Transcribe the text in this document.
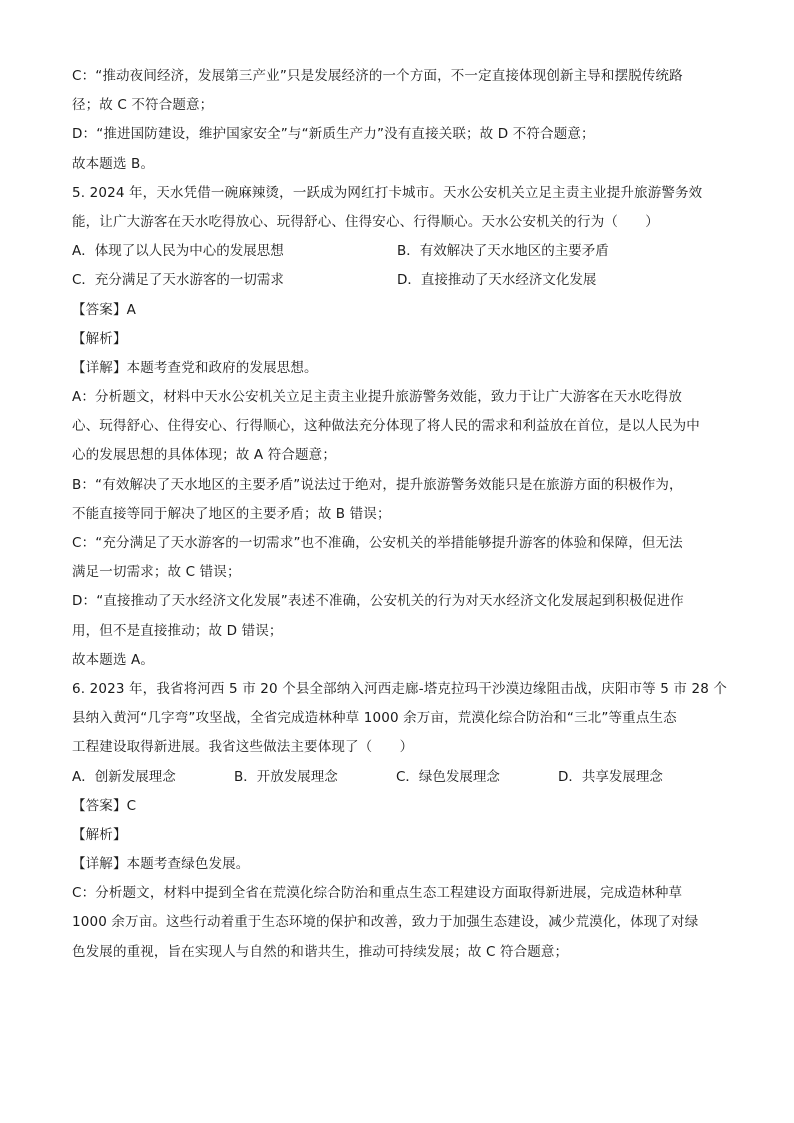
C：“推动夜间经济，发展第三产业”只是发展经济的一个方面，不一定直接体现创新主导和摆脱传统路
径；故 C 不符合题意；
D：“推进国防建设，维护国家安全”与“新质生产力”没有直接关联；故 D 不符合题意；
故本题选 B。
5. 2024 年，天水凭借一碗麻辣烫，一跃成为网红打卡城市。天水公安机关立足主责主业提升旅游警务效
能，让广大游客在天水吃得放心、玩得舒心、住得安心、行得顺心。天水公安机关的行为（　　）
A．体现了以人民为中心的发展思想	B．有效解决了天水地区的主要矛盾
C．充分满足了天水游客的一切需求	D．直接推动了天水经济文化发展
【答案】A
【解析】
【详解】本题考查党和政府的发展思想。
A：分析题文，材料中天水公安机关立足主责主业提升旅游警务效能，致力于让广大游客在天水吃得放
心、玩得舒心、住得安心、行得顺心，这种做法充分体现了将人民的需求和利益放在首位，是以人民为中
心的发展思想的具体体现；故 A 符合题意；
B：“有效解决了天水地区的主要矛盾”说法过于绝对，提升旅游警务效能只是在旅游方面的积极作为，
不能直接等同于解决了地区的主要矛盾；故 B 错误；
C：“充分满足了天水游客的一切需求”也不准确，公安机关的举措能够提升游客的体验和保障，但无法
满足一切需求；故 C 错误；
D：“直接推动了天水经济文化发展”表述不准确，公安机关的行为对天水经济文化发展起到积极促进作
用，但不是直接推动；故 D 错误；
故本题选 A。
6. 2023 年，我省将河西 5 市 20 个县全部纳入河西走廊-塔克拉玛干沙漠边缘阻击战，庆阳市等 5 市 28 个
县纳入黄河“几字弯”攻坚战，全省完成造林种草 1000 余万亩，荒漠化综合防治和“三北”等重点生态
工程建设取得新进展。我省这些做法主要体现了（　　）
A．创新发展理念	B．开放发展理念	C．绿色发展理念	D．共享发展理念
【答案】C
【解析】
【详解】本题考查绿色发展。
C：分析题文，材料中提到全省在荒漠化综合防治和重点生态工程建设方面取得新进展，完成造林种草
1000 余万亩。这些行动着重于生态环境的保护和改善，致力于加强生态建设，减少荒漠化，体现了对绿
色发展的重视，旨在实现人与自然的和谐共生，推动可持续发展；故 C 符合题意；
